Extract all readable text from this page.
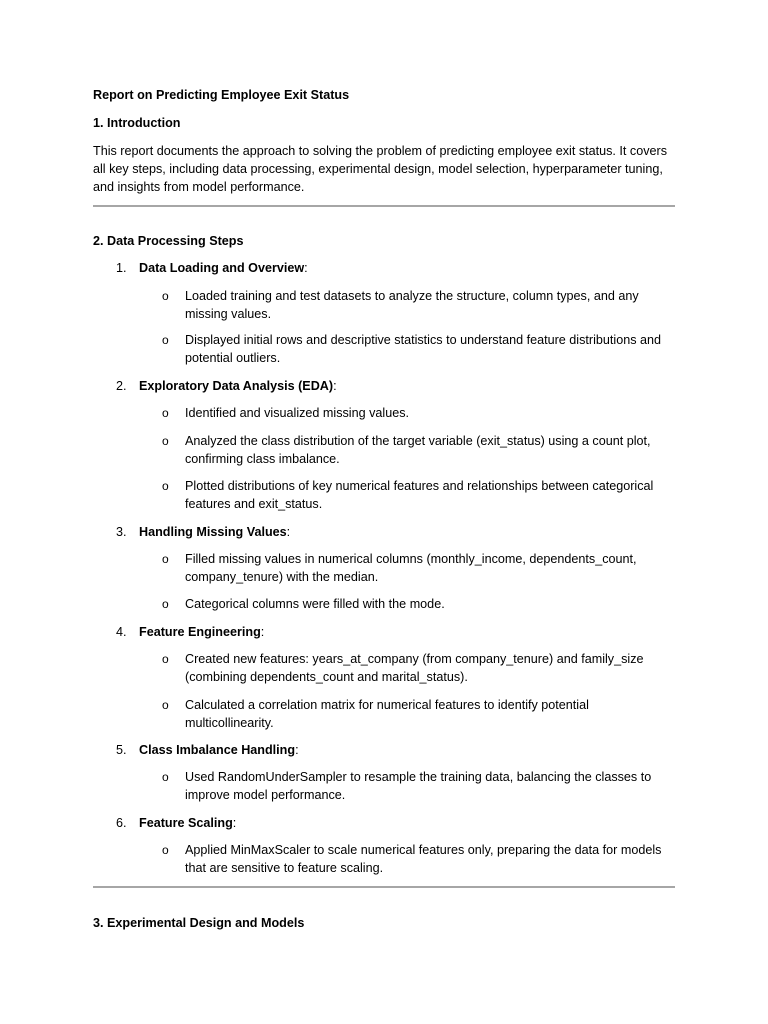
Report on Predicting Employee Exit Status
1. Introduction
This report documents the approach to solving the problem of predicting employee exit status. It covers all key steps, including data processing, experimental design, model selection, hyperparameter tuning, and insights from model performance.
2. Data Processing Steps
1. Data Loading and Overview:
o Loaded training and test datasets to analyze the structure, column types, and any missing values.
o Displayed initial rows and descriptive statistics to understand feature distributions and potential outliers.
2. Exploratory Data Analysis (EDA):
o Identified and visualized missing values.
o Analyzed the class distribution of the target variable (exit_status) using a count plot, confirming class imbalance.
o Plotted distributions of key numerical features and relationships between categorical features and exit_status.
3. Handling Missing Values:
o Filled missing values in numerical columns (monthly_income, dependents_count, company_tenure) with the median.
o Categorical columns were filled with the mode.
4. Feature Engineering:
o Created new features: years_at_company (from company_tenure) and family_size (combining dependents_count and marital_status).
o Calculated a correlation matrix for numerical features to identify potential multicollinearity.
5. Class Imbalance Handling:
o Used RandomUnderSampler to resample the training data, balancing the classes to improve model performance.
6. Feature Scaling:
o Applied MinMaxScaler to scale numerical features only, preparing the data for models that are sensitive to feature scaling.
3. Experimental Design and Models
